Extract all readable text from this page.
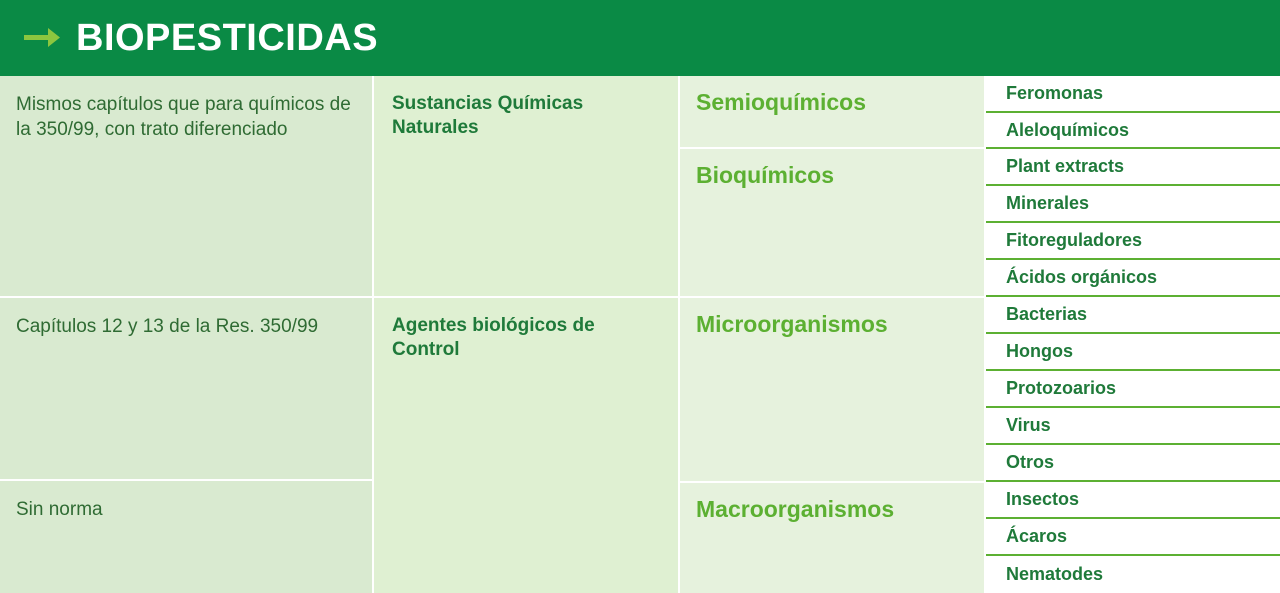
BIOPESTICIDAS
Mismos capítulos que para químicos de la 350/99, con trato diferenciado
Capítulos 12 y 13 de la Res. 350/99
Sin norma
Sustancias Químicas Naturales
Agentes biológicos de Control
Semioquímicos
Bioquímicos
Microorganismos
Macroorganismos
Feromonas
Aleloquímicos
Plant extracts
Minerales
Fitoreguladores
Ácidos orgánicos
Bacterias
Hongos
Protozoarios
Virus
Otros
Insectos
Ácaros
Nematodes
